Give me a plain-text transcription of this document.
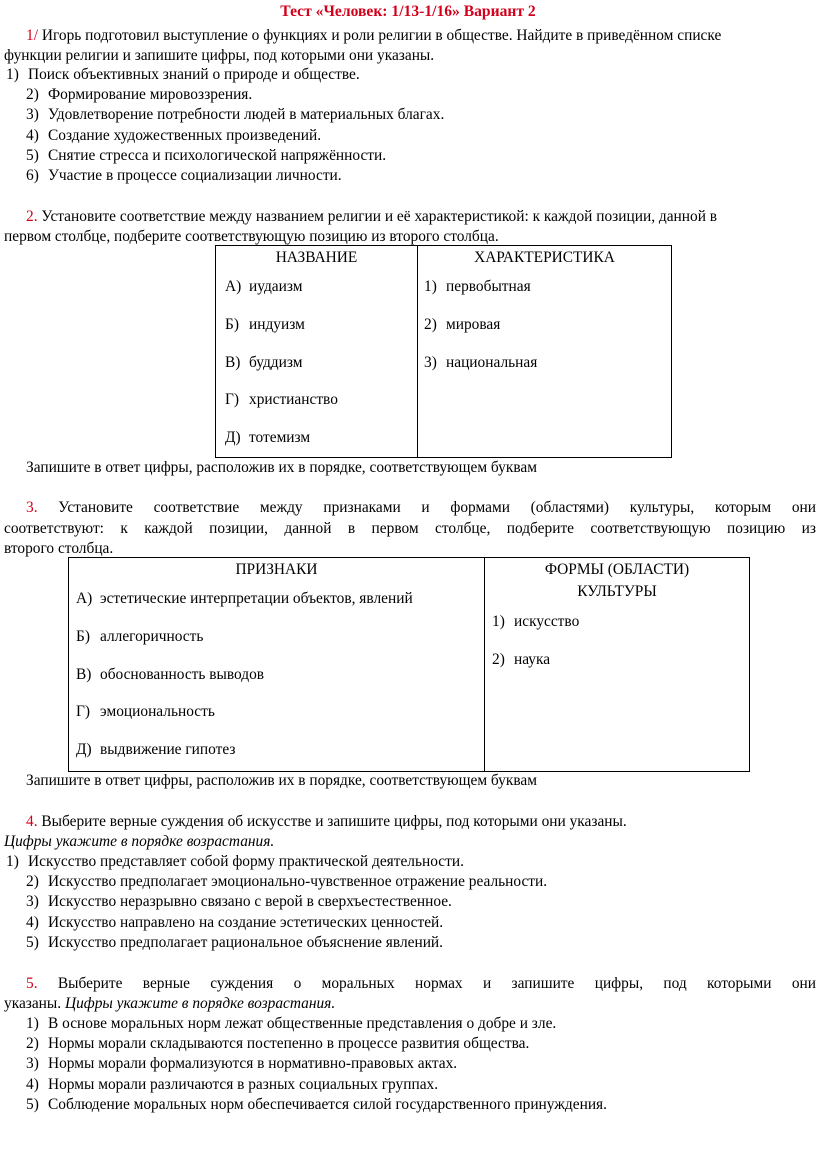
Тест «Человек: 1/13-1/16» Вариант 2
1/ Игорь подготовил выступление о функциях и роли религии в обществе. Найдите в приведённом списке
функции религии и запишите цифры, под которыми они указаны.
1) Поиск объективных знаний о природе и обществе.
2) Формирование мировоззрения.
3) Удовлетворение потребности людей в материальных благах.
4) Создание художественных произведений.
5) Снятие стресса и психологической напряжённости.
6) Участие в процессе социализации личности.
2. Установите соответствие между названием религии и её характеристикой: к каждой позиции, данной в
первом столбце, подберите соответствующую позицию из второго столбца.
НАЗВАНИЕ	ХАРАКТЕРИСТИКА
А) иудаизм
Б) индуизм
В) буддизм
Г) христианство
Д) тотемизм
1) первобытная
2) мировая
3) национальная
Запишите в ответ цифры, расположив их в порядке, соответствующем буквам
3. Установите соответствие между признаками и формами (областями) культуры, которым они
соответствуют: к каждой позиции, данной в первом столбце, подберите соответствующую позицию из
второго столбца.
ПРИЗНАКИ	ФОРМЫ (ОБЛАСТИ)
КУЛЬТУРЫ
А) эстетические интерпретации объектов, явлений
Б) аллегоричность
В) обоснованность выводов
Г) эмоциональность
Д) выдвижение гипотез
1) искусство
2) наука
Запишите в ответ цифры, расположив их в порядке, соответствующем буквам
4. Выберите верные суждения об искусстве и запишите цифры, под которыми они указаны.
Цифры укажите в порядке возрастания.
1) Искусство представляет собой форму практической деятельности.
2) Искусство предполагает эмоционально-чувственное отражение реальности.
3) Искусство неразрывно связано с верой в сверхъестественное.
4) Искусство направлено на создание эстетических ценностей.
5) Искусство предполагает рациональное объяснение явлений.
5. Выберите верные суждения о моральных нормах и запишите цифры, под которыми они
указаны. Цифры укажите в порядке возрастания.
1) В основе моральных норм лежат общественные представления о добре и зле.
2) Нормы морали складываются постепенно в процессе развития общества.
3) Нормы морали формализуются в нормативно-правовых актах.
4) Нормы морали различаются в разных социальных группах.
5) Соблюдение моральных норм обеспечивается силой государственного принуждения.
